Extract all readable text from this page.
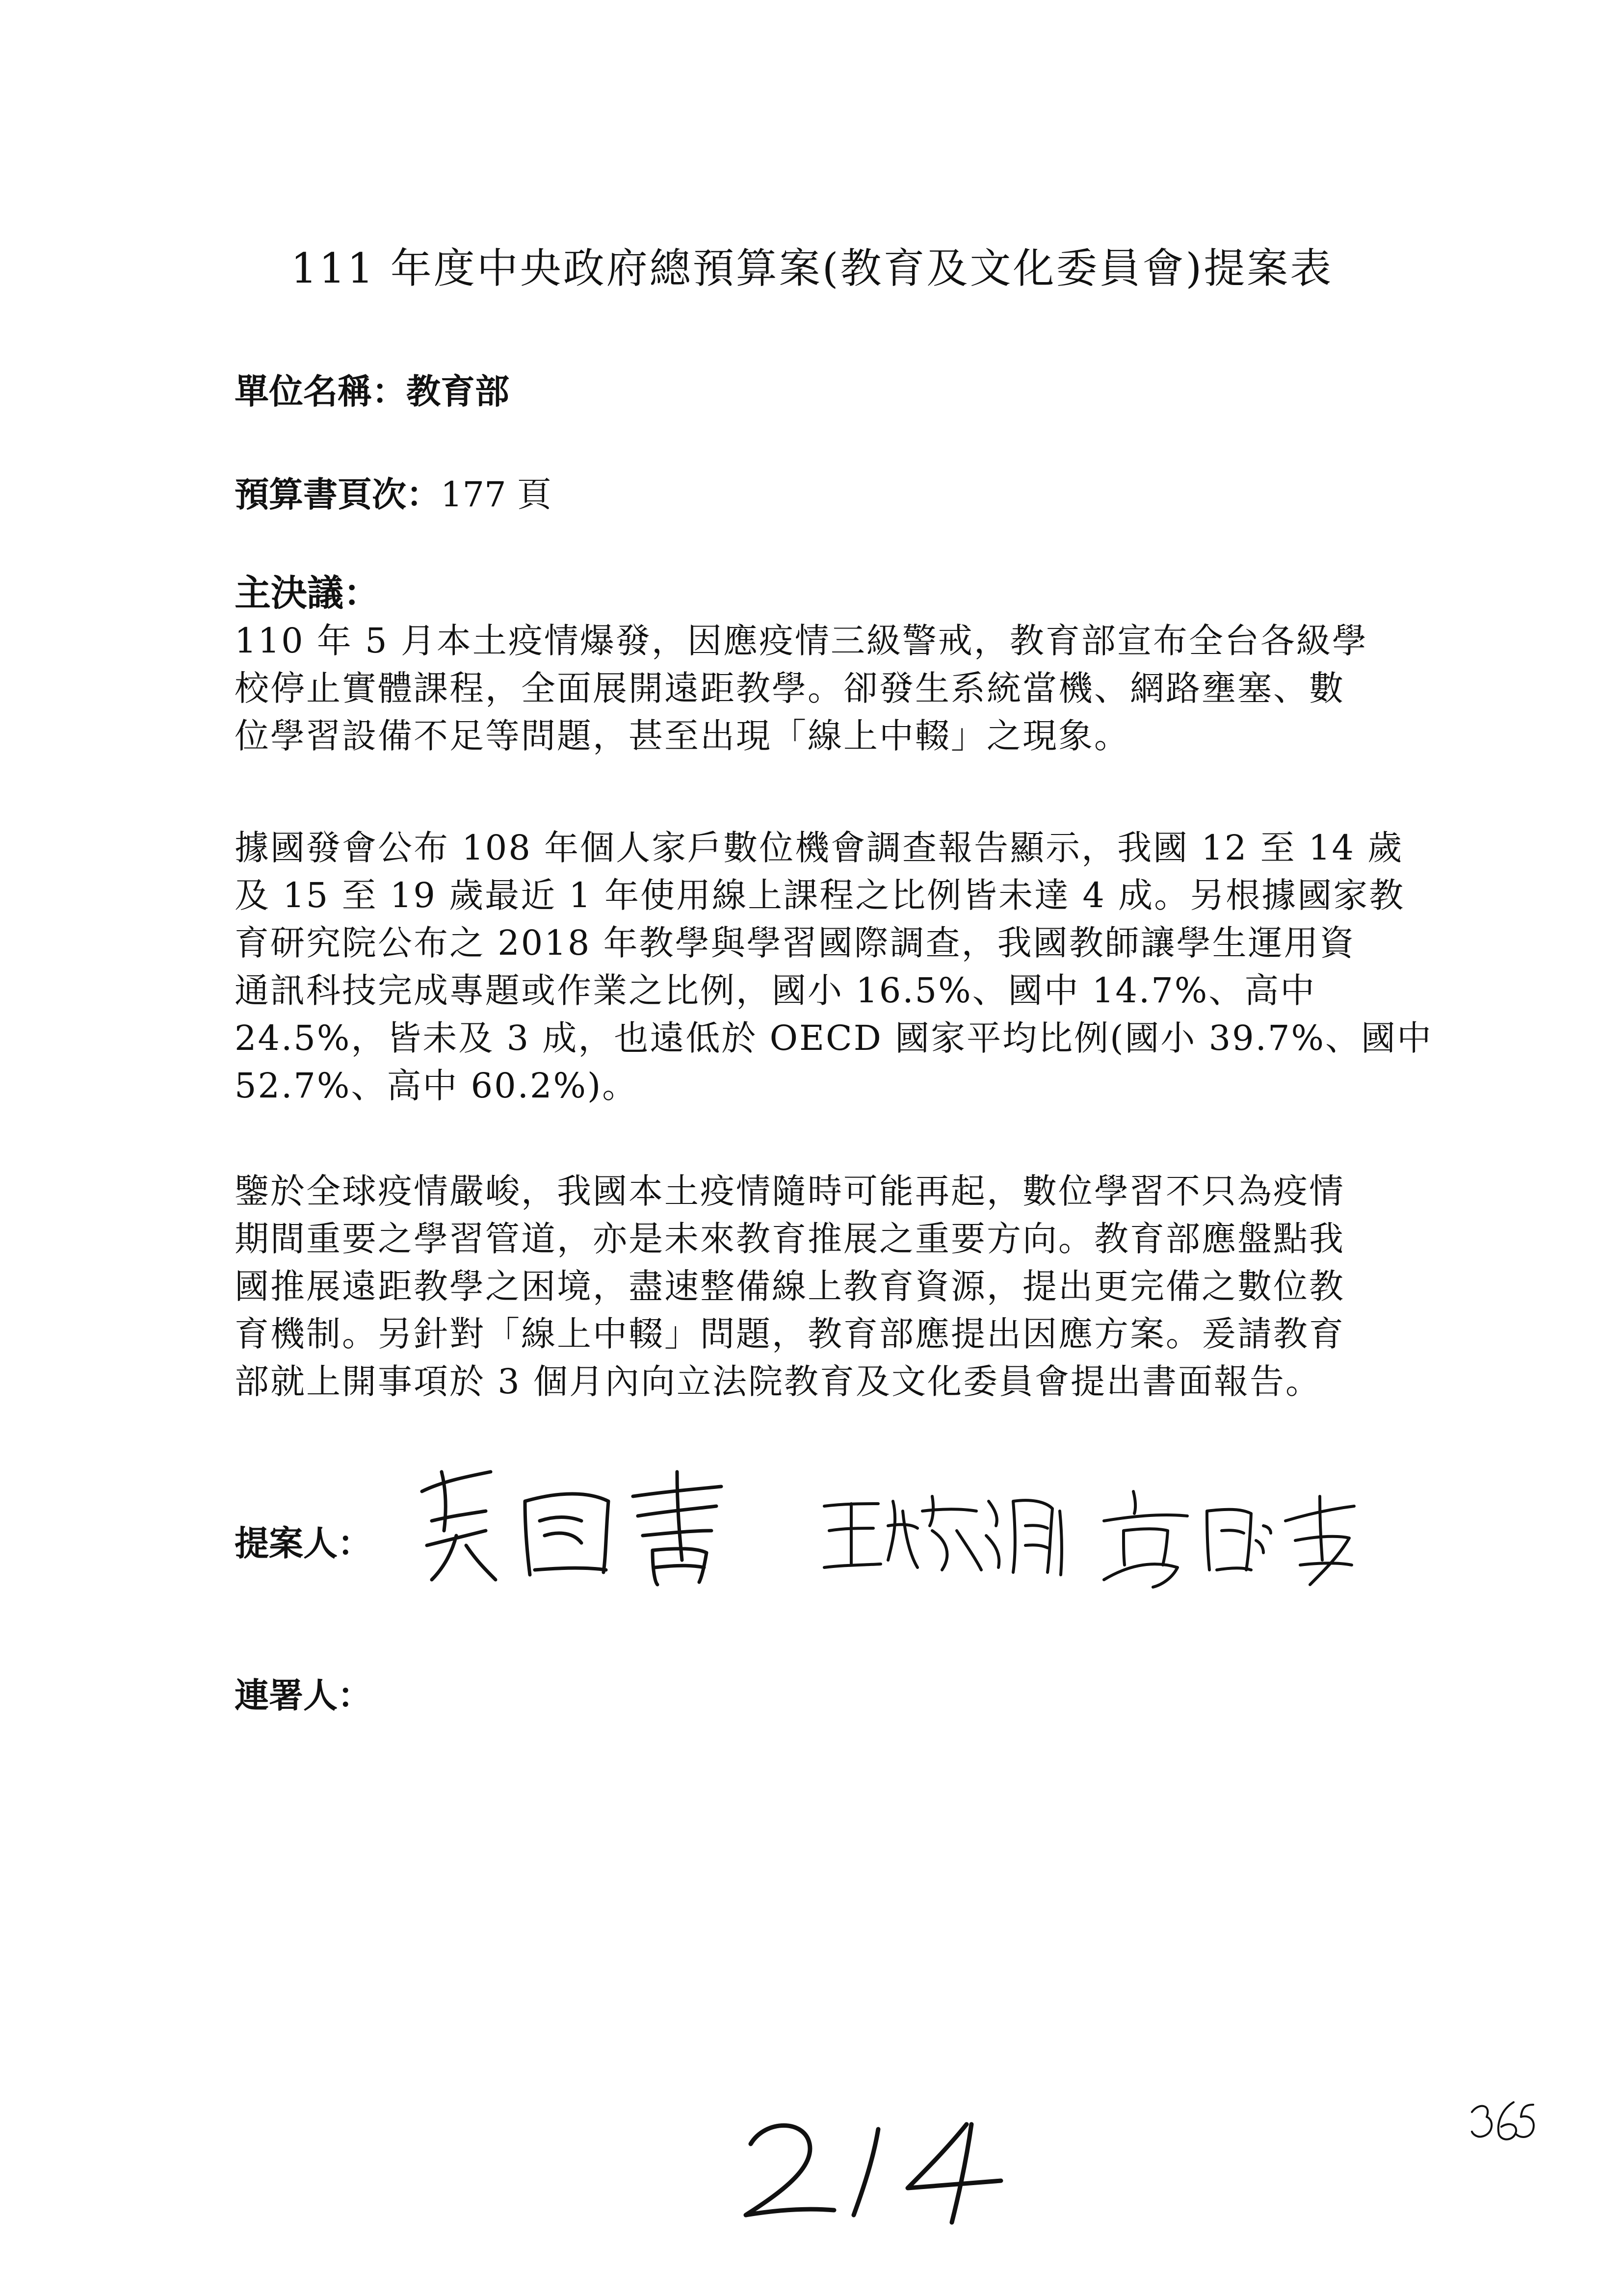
111 年度中央政府總預算案(教育及文化委員會)提案表
單位名稱：教育部
預算書頁次：177 頁
主決議：
110 年 5 月本土疫情爆發，因應疫情三級警戒，教育部宣布全台各級學
校停止實體課程，全面展開遠距教學。卻發生系統當機、網路壅塞、數
位學習設備不足等問題，甚至出現「線上中輟」之現象。
據國發會公布 108 年個人家戶數位機會調查報告顯示，我國 12 至 14 歲
及 15 至 19 歲最近 1 年使用線上課程之比例皆未達 4 成。另根據國家教
育研究院公布之 2018 年教學與學習國際調查，我國教師讓學生運用資
通訊科技完成專題或作業之比例，國小 16.5%、國中 14.7%、高中
24.5%，皆未及 3 成，也遠低於 OECD 國家平均比例(國小 39.7%、國中
52.7%、高中 60.2%)。
鑒於全球疫情嚴峻，我國本土疫情隨時可能再起，數位學習不只為疫情
期間重要之學習管道，亦是未來教育推展之重要方向。教育部應盤點我
國推展遠距教學之困境，盡速整備線上教育資源，提出更完備之數位教
育機制。另針對「線上中輟」問題，教育部應提出因應方案。爰請教育
部就上開事項於 3 個月內向立法院教育及文化委員會提出書面報告。
提案人：
連署人：
